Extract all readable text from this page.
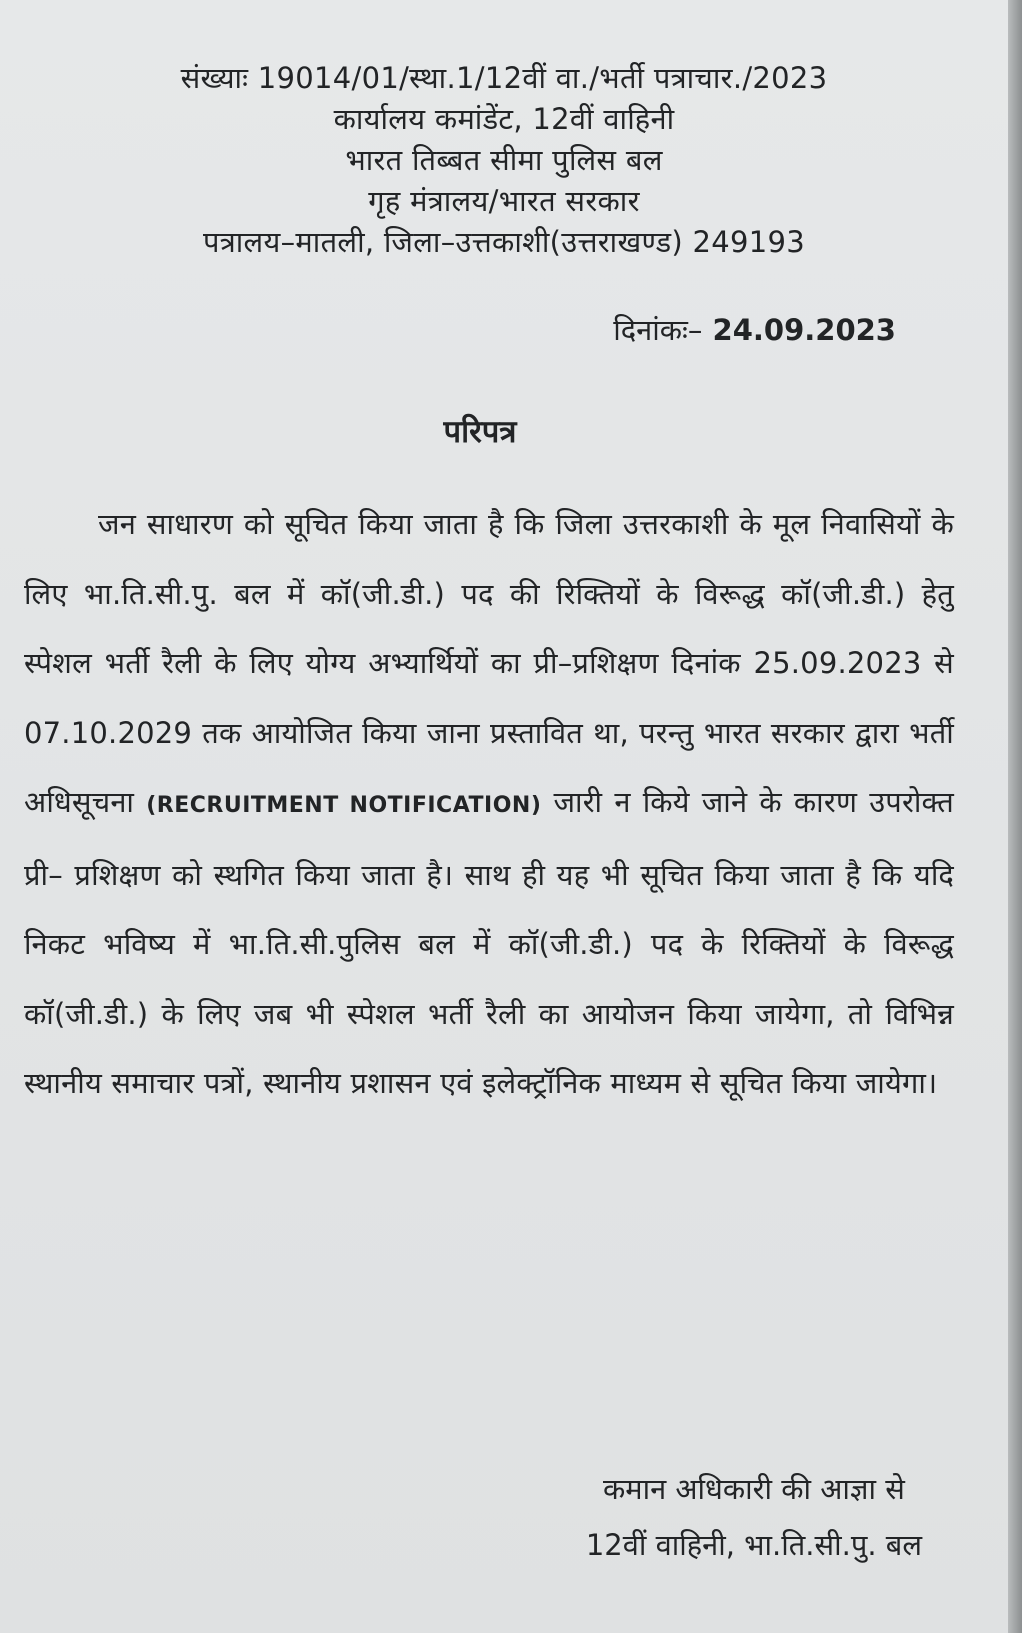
संख्याः 19014/01/स्था.1/12वीं वा./भर्ती पत्राचार./2023
कार्यालय कमांडेंट, 12वीं वाहिनी
भारत तिब्बत सीमा पुलिस बल
गृह मंत्रालय/भारत सरकार
पत्रालय–मातली, जिला–उत्तकाशी(उत्तराखण्ड) 249193
दिनांकः– 24.09.2023
परिपत्र
जन साधारण को सूचित किया जाता है कि जिला उत्तरकाशी के मूल निवासियों के लिए भा.ति.सी.पु. बल में कॉ(जी.डी.) पद की रिक्तियों के विरूद्ध कॉ(जी.डी.) हेतु स्पेशल भर्ती रैली के लिए योग्य अभ्यार्थियों का प्री–प्रशिक्षण दिनांक 25.09.2023 से 07.10.2029 तक आयोजित किया जाना प्रस्तावित था, परन्तु भारत सरकार द्वारा भर्ती अधिसूचना (RECRUITMENT NOTIFICATION) जारी न किये जाने के कारण उपरोक्त प्री– प्रशिक्षण को स्थगित किया जाता है। साथ ही यह भी सूचित किया जाता है कि यदि निकट भविष्य में भा.ति.सी.पुलिस बल में कॉ(जी.डी.) पद के रिक्तियों के विरूद्ध कॉ(जी.डी.) के लिए जब भी स्पेशल भर्ती रैली का आयोजन किया जायेगा, तो विभिन्न स्थानीय समाचार पत्रों, स्थानीय प्रशासन एवं इलेक्ट्रॉनिक माध्यम से सूचित किया जायेगा।
कमान अधिकारी की आज्ञा से
12वीं वाहिनी, भा.ति.सी.पु. बल
